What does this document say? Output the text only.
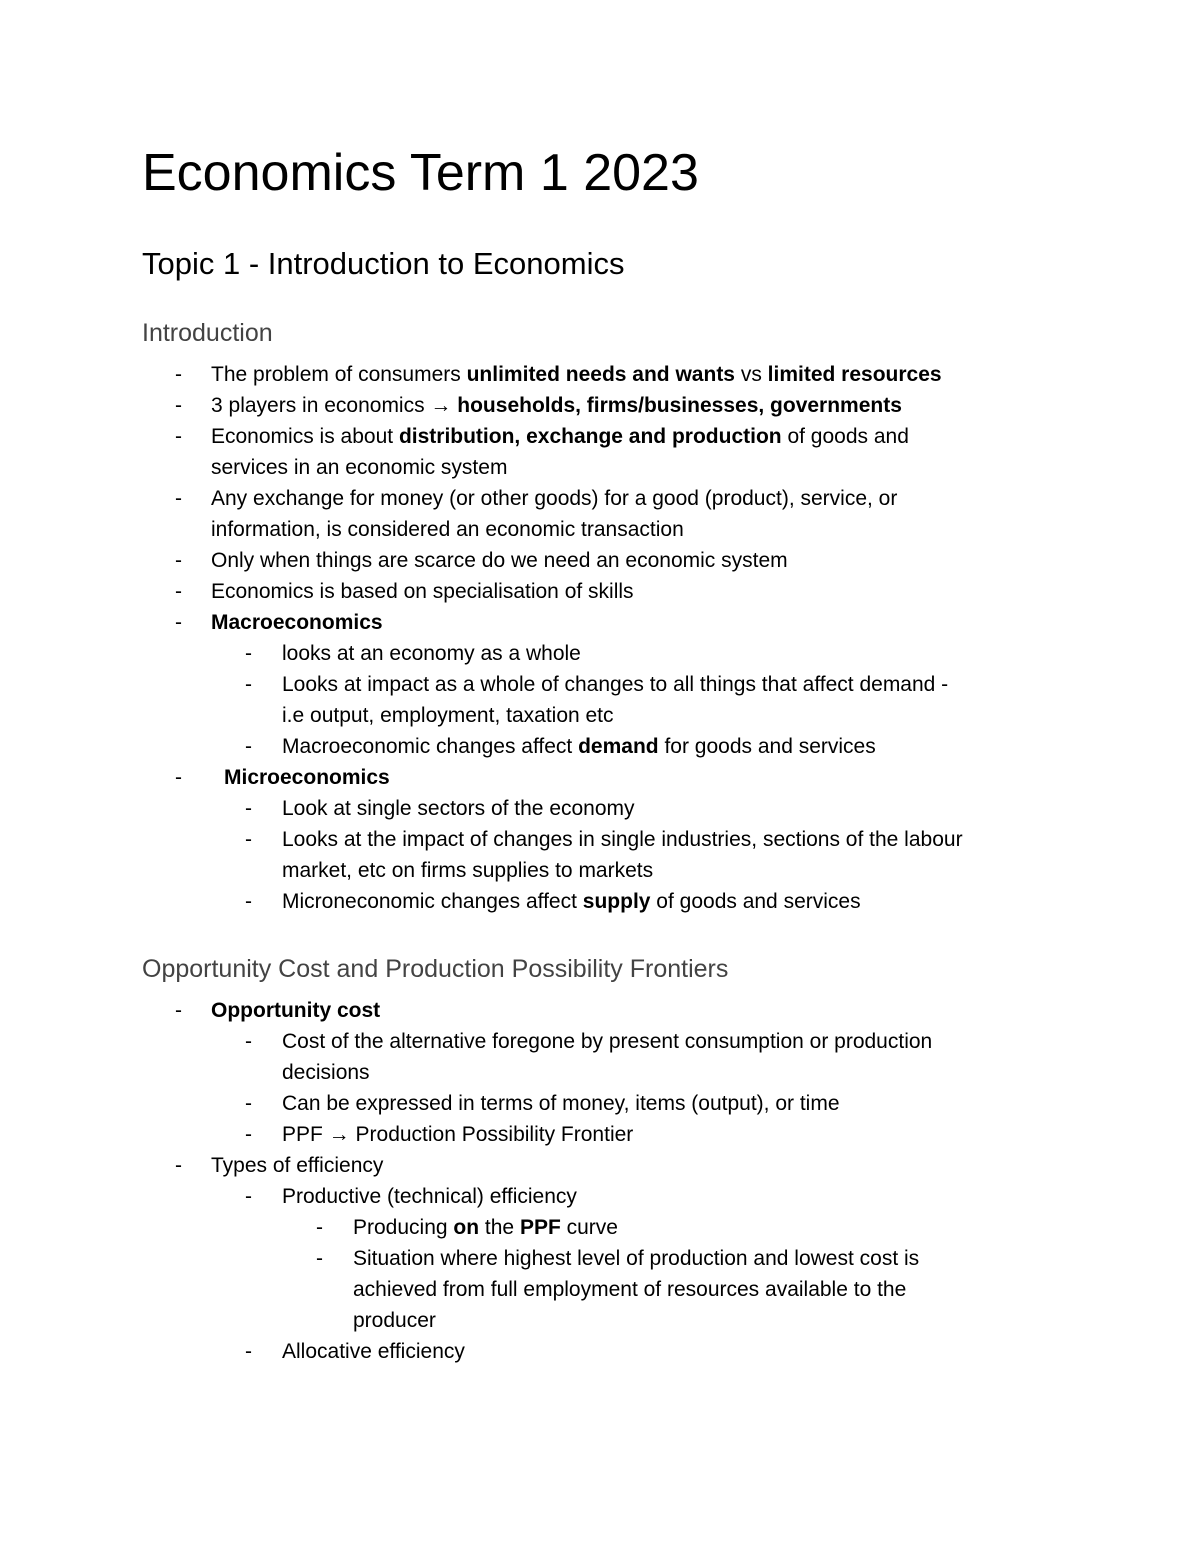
Economics Term 1 2023
Topic 1 - Introduction to Economics
Introduction
- The problem of consumers unlimited needs and wants vs limited resources
- 3 players in economics → households, firms/businesses, governments
- Economics is about distribution, exchange and production of goods and
services in an economic system
- Any exchange for money (or other goods) for a good (product), service, or
information, is considered an economic transaction
- Only when things are scarce do we need an economic system
- Economics is based on specialisation of skills
- Macroeconomics
- looks at an economy as a whole
- Looks at impact as a whole of changes to all things that affect demand -
i.e output, employment, taxation etc
- Macroeconomic changes affect demand for goods and services
- Microeconomics
- Look at single sectors of the economy
- Looks at the impact of changes in single industries, sections of the labour
market, etc on firms supplies to markets
- Microneconomic changes affect supply of goods and services
Opportunity Cost and Production Possibility Frontiers
- Opportunity cost
- Cost of the alternative foregone by present consumption or production
decisions
- Can be expressed in terms of money, items (output), or time
- PPF → Production Possibility Frontier
- Types of efficiency
- Productive (technical) efficiency
- Producing on the PPF curve
- Situation where highest level of production and lowest cost is
achieved from full employment of resources available to the
producer
- Allocative efficiency
